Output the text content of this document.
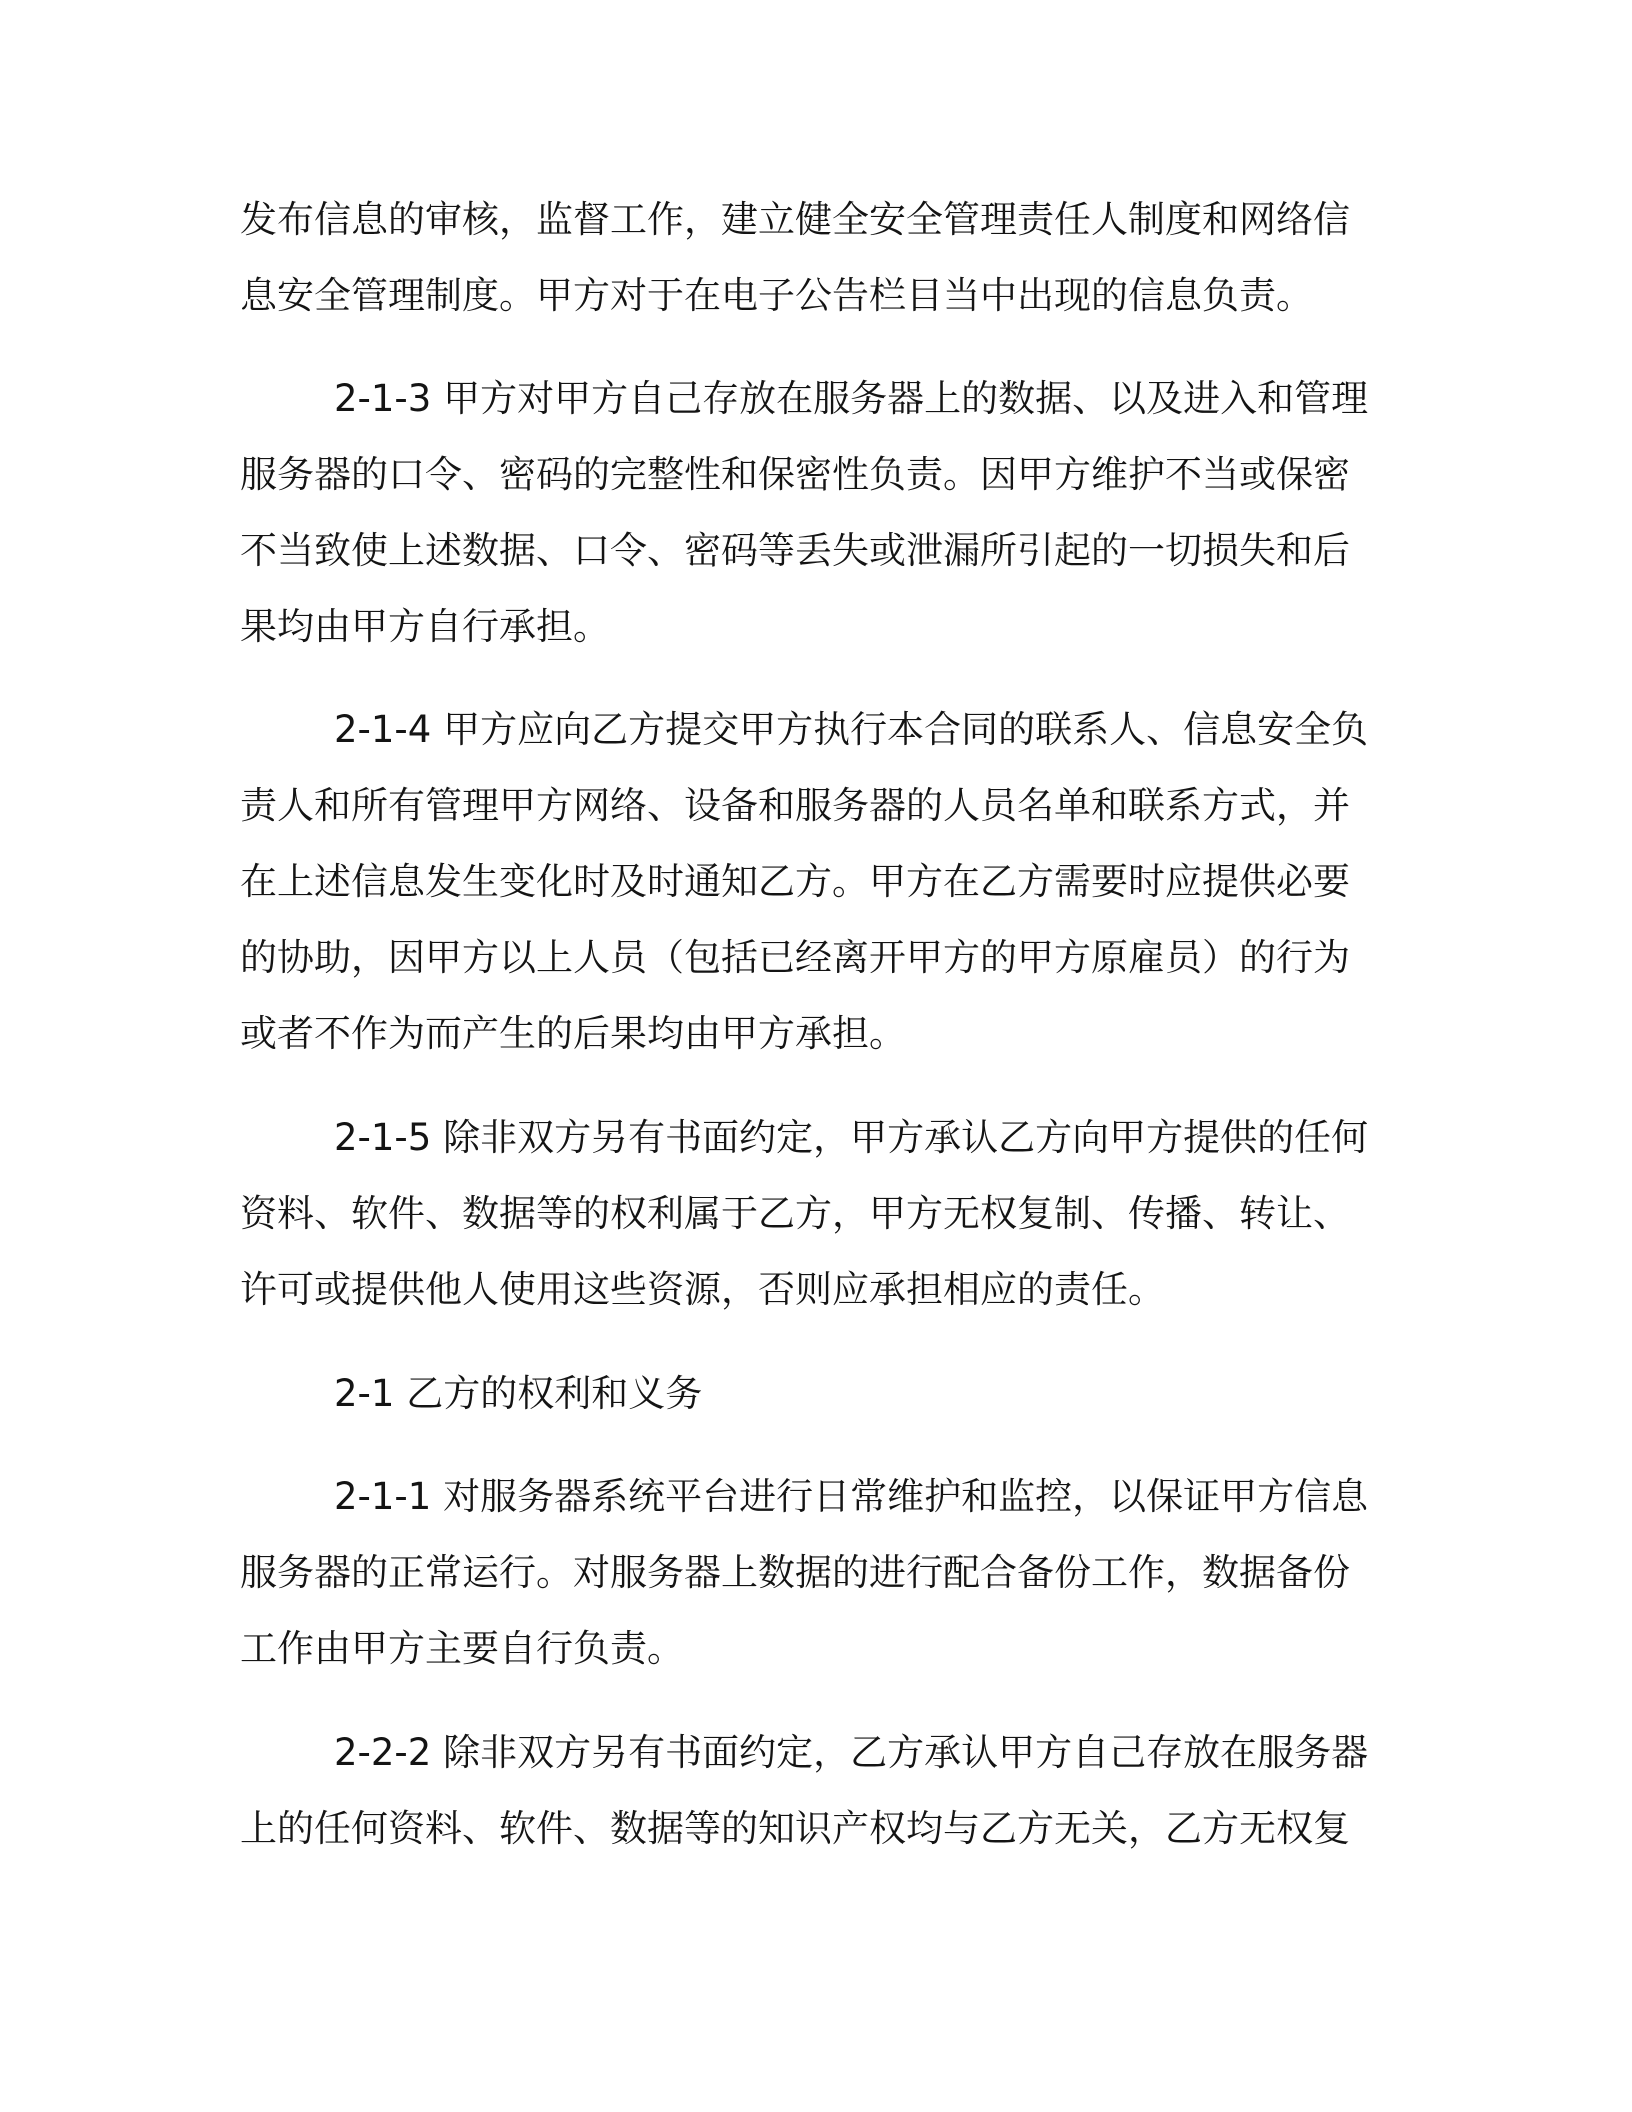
发布信息的审核，监督工作，建立健全安全管理责任人制度和网络信

息安全管理制度。甲方对于在电子公告栏目当中出现的信息负责。

2-1-3 甲方对甲方自己存放在服务器上的数据、以及进入和管理

服务器的口令、密码的完整性和保密性负责。因甲方维护不当或保密

不当致使上述数据、口令、密码等丢失或泄漏所引起的一切损失和后

果均由甲方自行承担。

2-1-4 甲方应向乙方提交甲方执行本合同的联系人、信息安全负

责人和所有管理甲方网络、设备和服务器的人员名单和联系方式，并

在上述信息发生变化时及时通知乙方。甲方在乙方需要时应提供必要

的协助，因甲方以上人员（包括已经离开甲方的甲方原雇员）的行为

或者不作为而产生的后果均由甲方承担。

2-1-5 除非双方另有书面约定，甲方承认乙方向甲方提供的任何

资料、软件、数据等的权利属于乙方，甲方无权复制、传播、转让、

许可或提供他人使用这些资源，否则应承担相应的责任。

2-1 乙方的权利和义务

2-1-1 对服务器系统平台进行日常维护和监控，以保证甲方信息

服务器的正常运行。对服务器上数据的进行配合备份工作，数据备份

工作由甲方主要自行负责。

2-2-2 除非双方另有书面约定，乙方承认甲方自己存放在服务器

上的任何资料、软件、数据等的知识产权均与乙方无关，乙方无权复
